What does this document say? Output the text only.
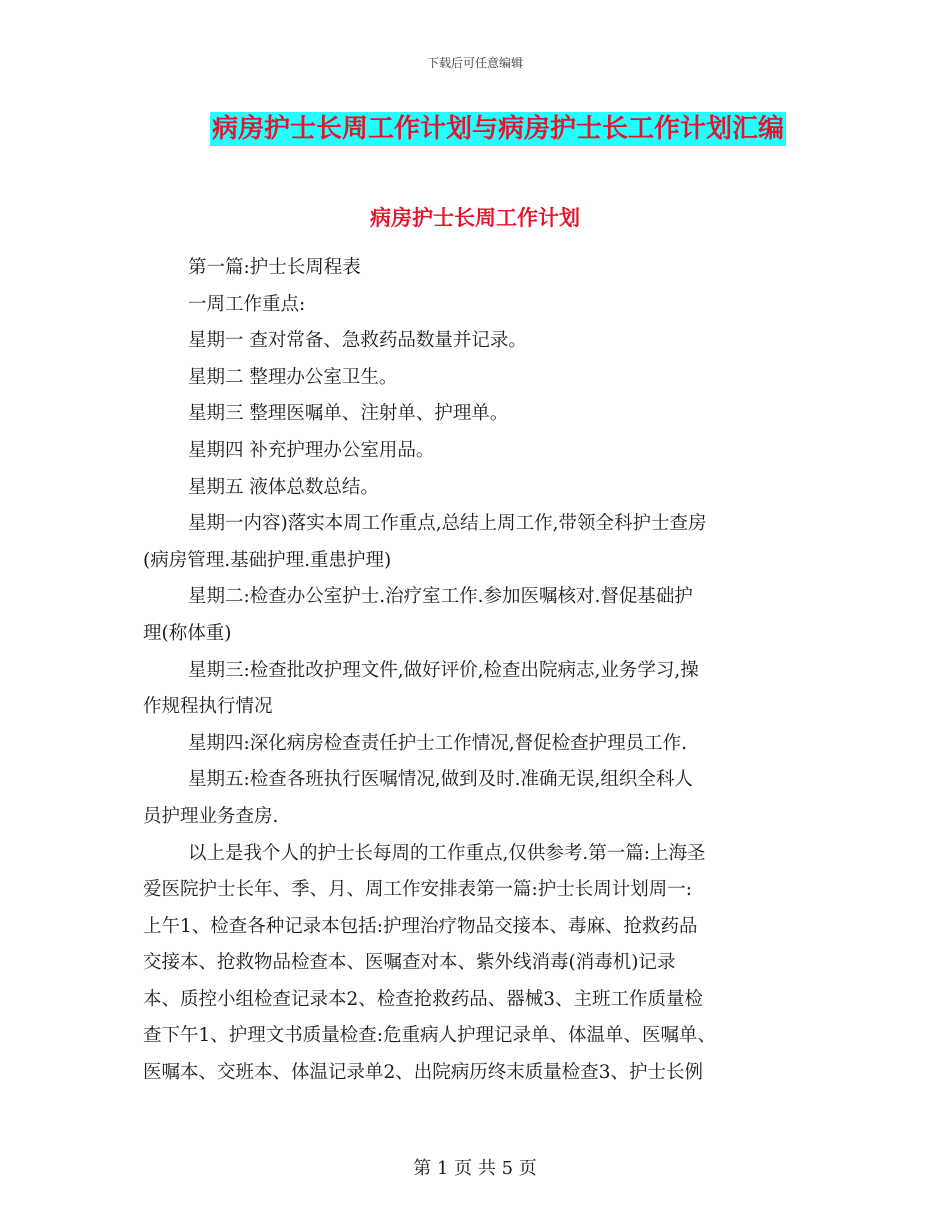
下载后可任意编辑
病房护士长周工作计划与病房护士长工作计划汇编
病房护士长周工作计划

第一篇:护士长周程表

一周工作重点:

星期一 查对常备、急救药品数量并记录。

星期二 整理办公室卫生。

星期三 整理医嘱单、注射单、护理单。

星期四 补充护理办公室用品。

星期五 液体总数总结。

星期一内容)落实本周工作重点,总结上周工作,带领全科护士查房

(病房管理.基础护理.重患护理)

星期二:检查办公室护士.治疗室工作.参加医嘱核对.督促基础护

理(称体重)

星期三:检查批改护理文件,做好评价,检查出院病志,业务学习,操

作规程执行情况

星期四:深化病房检查责任护士工作情况,督促检查护理员工作.

星期五:检查各班执行医嘱情况,做到及时.准确无误,组织全科人

员护理业务查房.

以上是我个人的护士长每周的工作重点,仅供参考.第一篇:上海圣

爱医院护士长年、季、月、周工作安排表第一篇:护士长周计划周一:

上午1、检查各种记录本包括:护理治疗物品交接本、毒麻、抢救药品

交接本、抢救物品检查本、医嘱查对本、紫外线消毒(消毒机)记录

本、质控小组检查记录本2、检查抢救药品、器械3、主班工作质量检

查下午1、护理文书质量检查:危重病人护理记录单、体温单、医嘱单、

医嘱本、交班本、体温记录单2、出院病历终末质量检查3、护士长例

第 1 页 共 5 页
